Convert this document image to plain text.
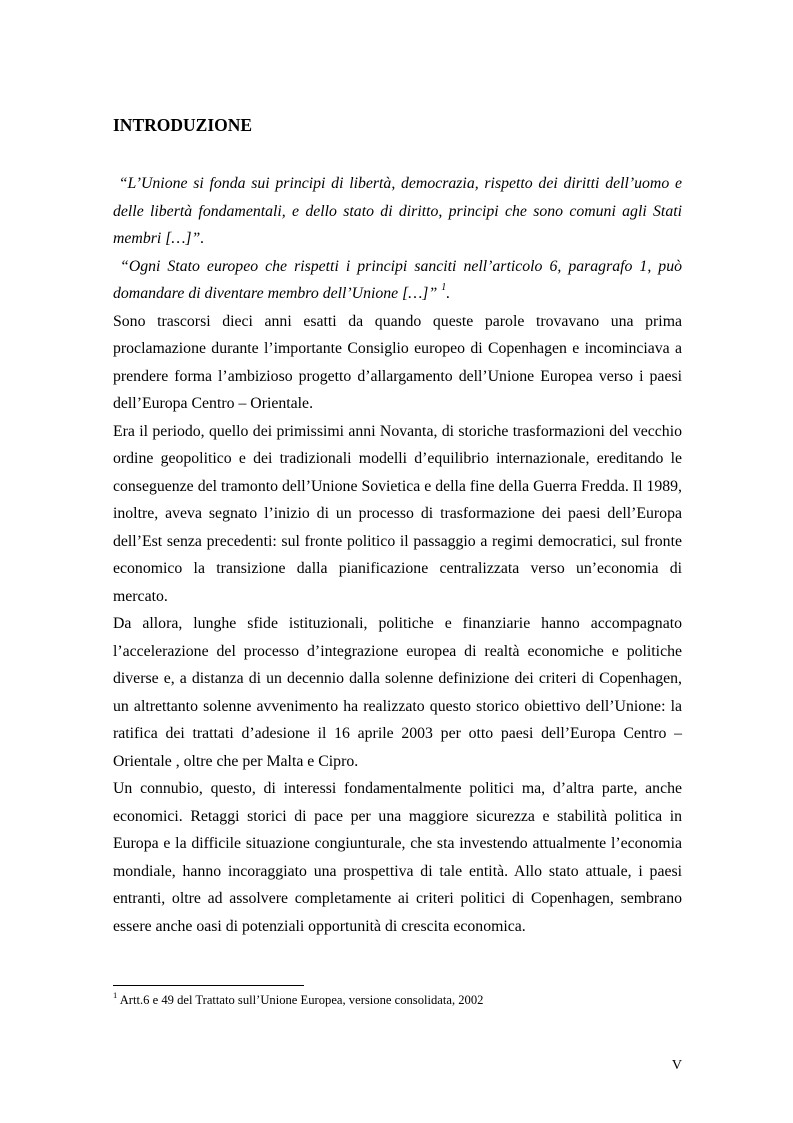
INTRODUZIONE

“L’Unione si fonda sui principi di libertà, democrazia, rispetto dei diritti dell’uomo e delle libertà fondamentali, e dello stato di diritto, principi che sono comuni agli Stati membri […]”.

“Ogni Stato europeo che rispetti i principi sanciti nell’articolo 6, paragrafo 1, può domandare di diventare membro dell’Unione […]” $^1$.

Sono trascorsi dieci anni esatti da quando queste parole trovavano una prima proclamazione durante l’importante Consiglio europeo di Copenhagen e incominciava a prendere forma l’ambizioso progetto d’allargamento dell’Unione Europea verso i paesi dell’Europa Centro – Orientale.

Era il periodo, quello dei primissimi anni Novanta, di storiche trasformazioni del vecchio ordine geopolitico e dei tradizionali modelli d’equilibrio internazionale, ereditando le conseguenze del tramonto dell’Unione Sovietica e della fine della Guerra Fredda. Il 1989, inoltre, aveva segnato l’inizio di un processo di trasformazione dei paesi dell’Europa dell’Est senza precedenti: sul fronte politico il passaggio a regimi democratici, sul fronte economico la transizione dalla pianificazione centralizzata verso un’economia di mercato.

Da allora, lunghe sfide istituzionali, politiche e finanziarie hanno accompagnato l’accelerazione del processo d’integrazione europea di realtà economiche e politiche diverse e, a distanza di un decennio dalla solenne definizione dei criteri di Copenhagen, un altrettanto solenne avvenimento ha realizzato questo storico obiettivo dell’Unione: la ratifica dei trattati d’adesione il 16 aprile 2003 per otto paesi dell’Europa Centro – Orientale , oltre che per Malta e Cipro.

Un connubio, questo, di interessi fondamentalmente politici ma, d’altra parte, anche economici. Retaggi storici di pace per una maggiore sicurezza e stabilità politica in Europa e la difficile situazione congiunturale, che sta investendo attualmente l’economia mondiale, hanno incoraggiato una prospettiva di tale entità. Allo stato attuale, i paesi entranti, oltre ad assolvere completamente ai criteri politici di Copenhagen, sembrano essere anche oasi di potenziali opportunità di crescita economica.

$^1$ Artt.6 e 49 del Trattato sull’Unione Europea, versione consolidata, 2002
V
